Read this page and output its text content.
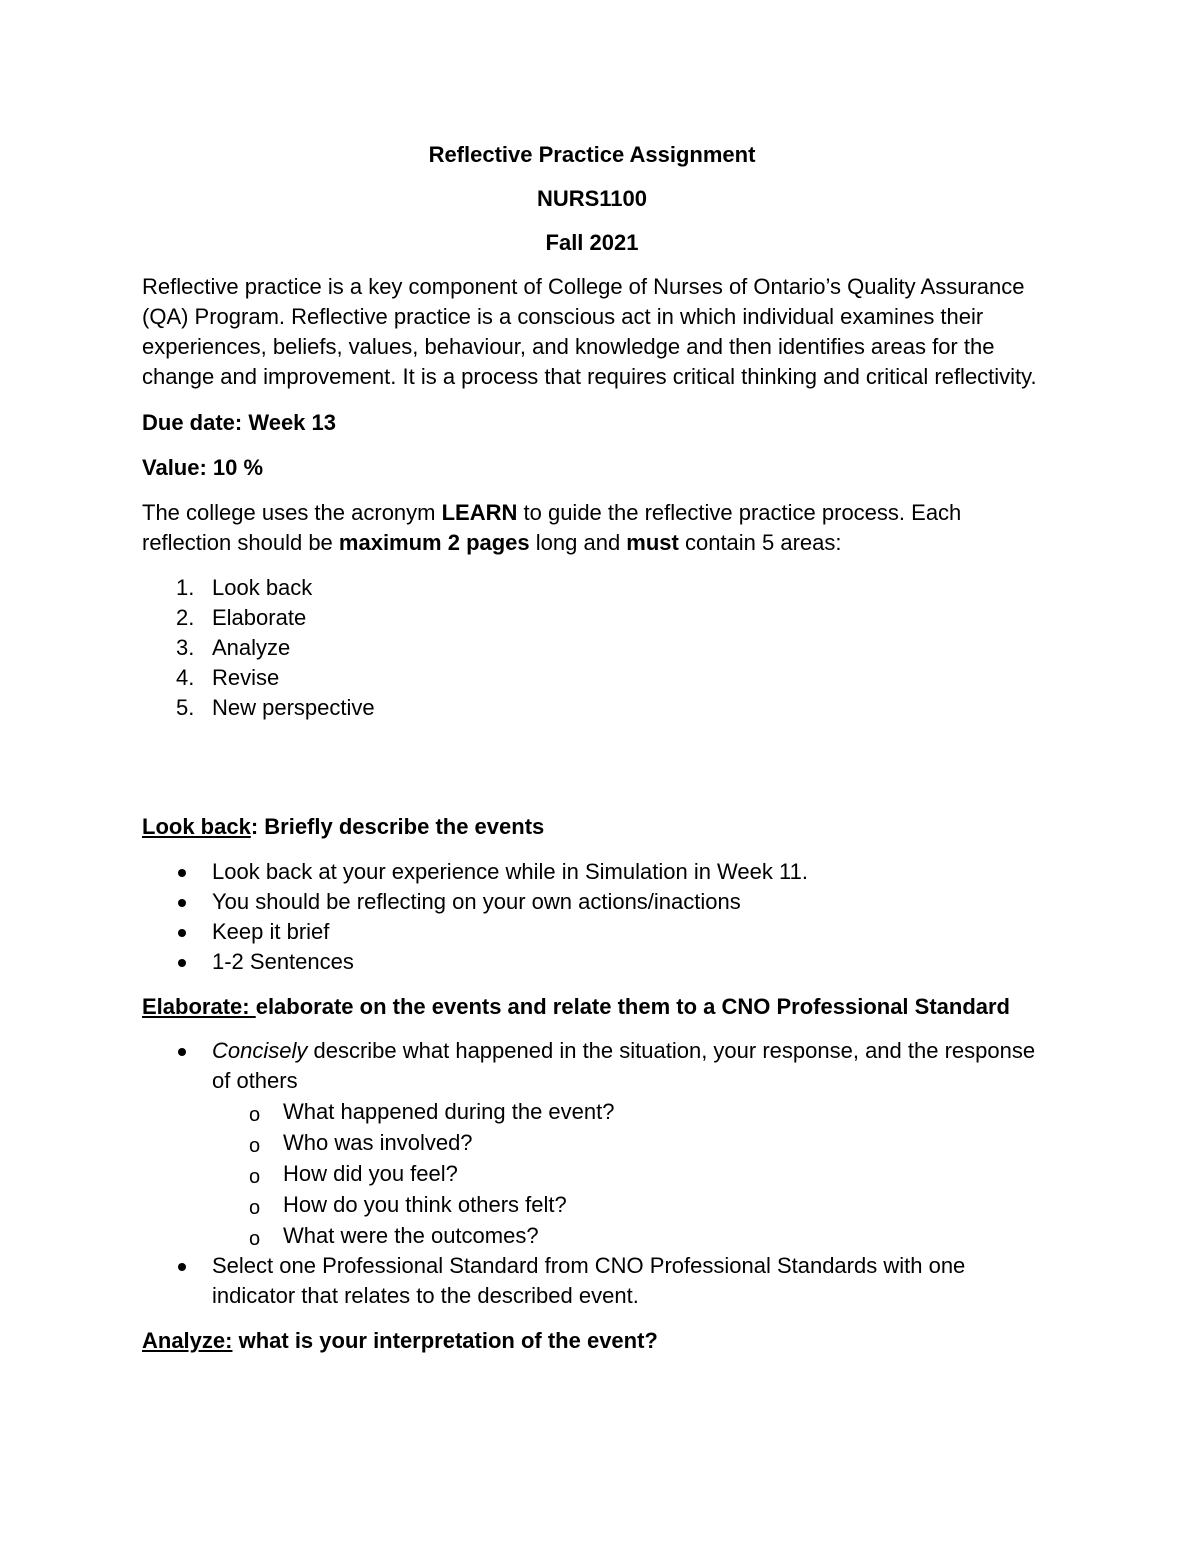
Reflective Practice Assignment

NURS1100

Fall 2021

Reflective practice is a key component of College of Nurses of Ontario’s Quality Assurance (QA) Program. Reflective practice is a conscious act in which individual examines their experiences, beliefs, values, behaviour, and knowledge and then identifies areas for the change and improvement. It is a process that requires critical thinking and critical reflectivity.

Due date: Week 13

Value: 10 %

The college uses the acronym LEARN to guide the reflective practice process. Each reflection should be maximum 2 pages long and must contain 5 areas:

1. Look back
2. Elaborate
3. Analyze
4. Revise
5. New perspective

Look back: Briefly describe the events

Look back at your experience while in Simulation in Week 11.
You should be reflecting on your own actions/inactions
Keep it brief
1-2 Sentences

Elaborate: elaborate on the events and relate them to a CNO Professional Standard

Concisely describe what happened in the situation, your response, and the response of others
o What happened during the event?
o Who was involved?
o How did you feel?
o How do you think others felt?
o What were the outcomes?
Select one Professional Standard from CNO Professional Standards with one indicator that relates to the described event.

Analyze: what is your interpretation of the event?
